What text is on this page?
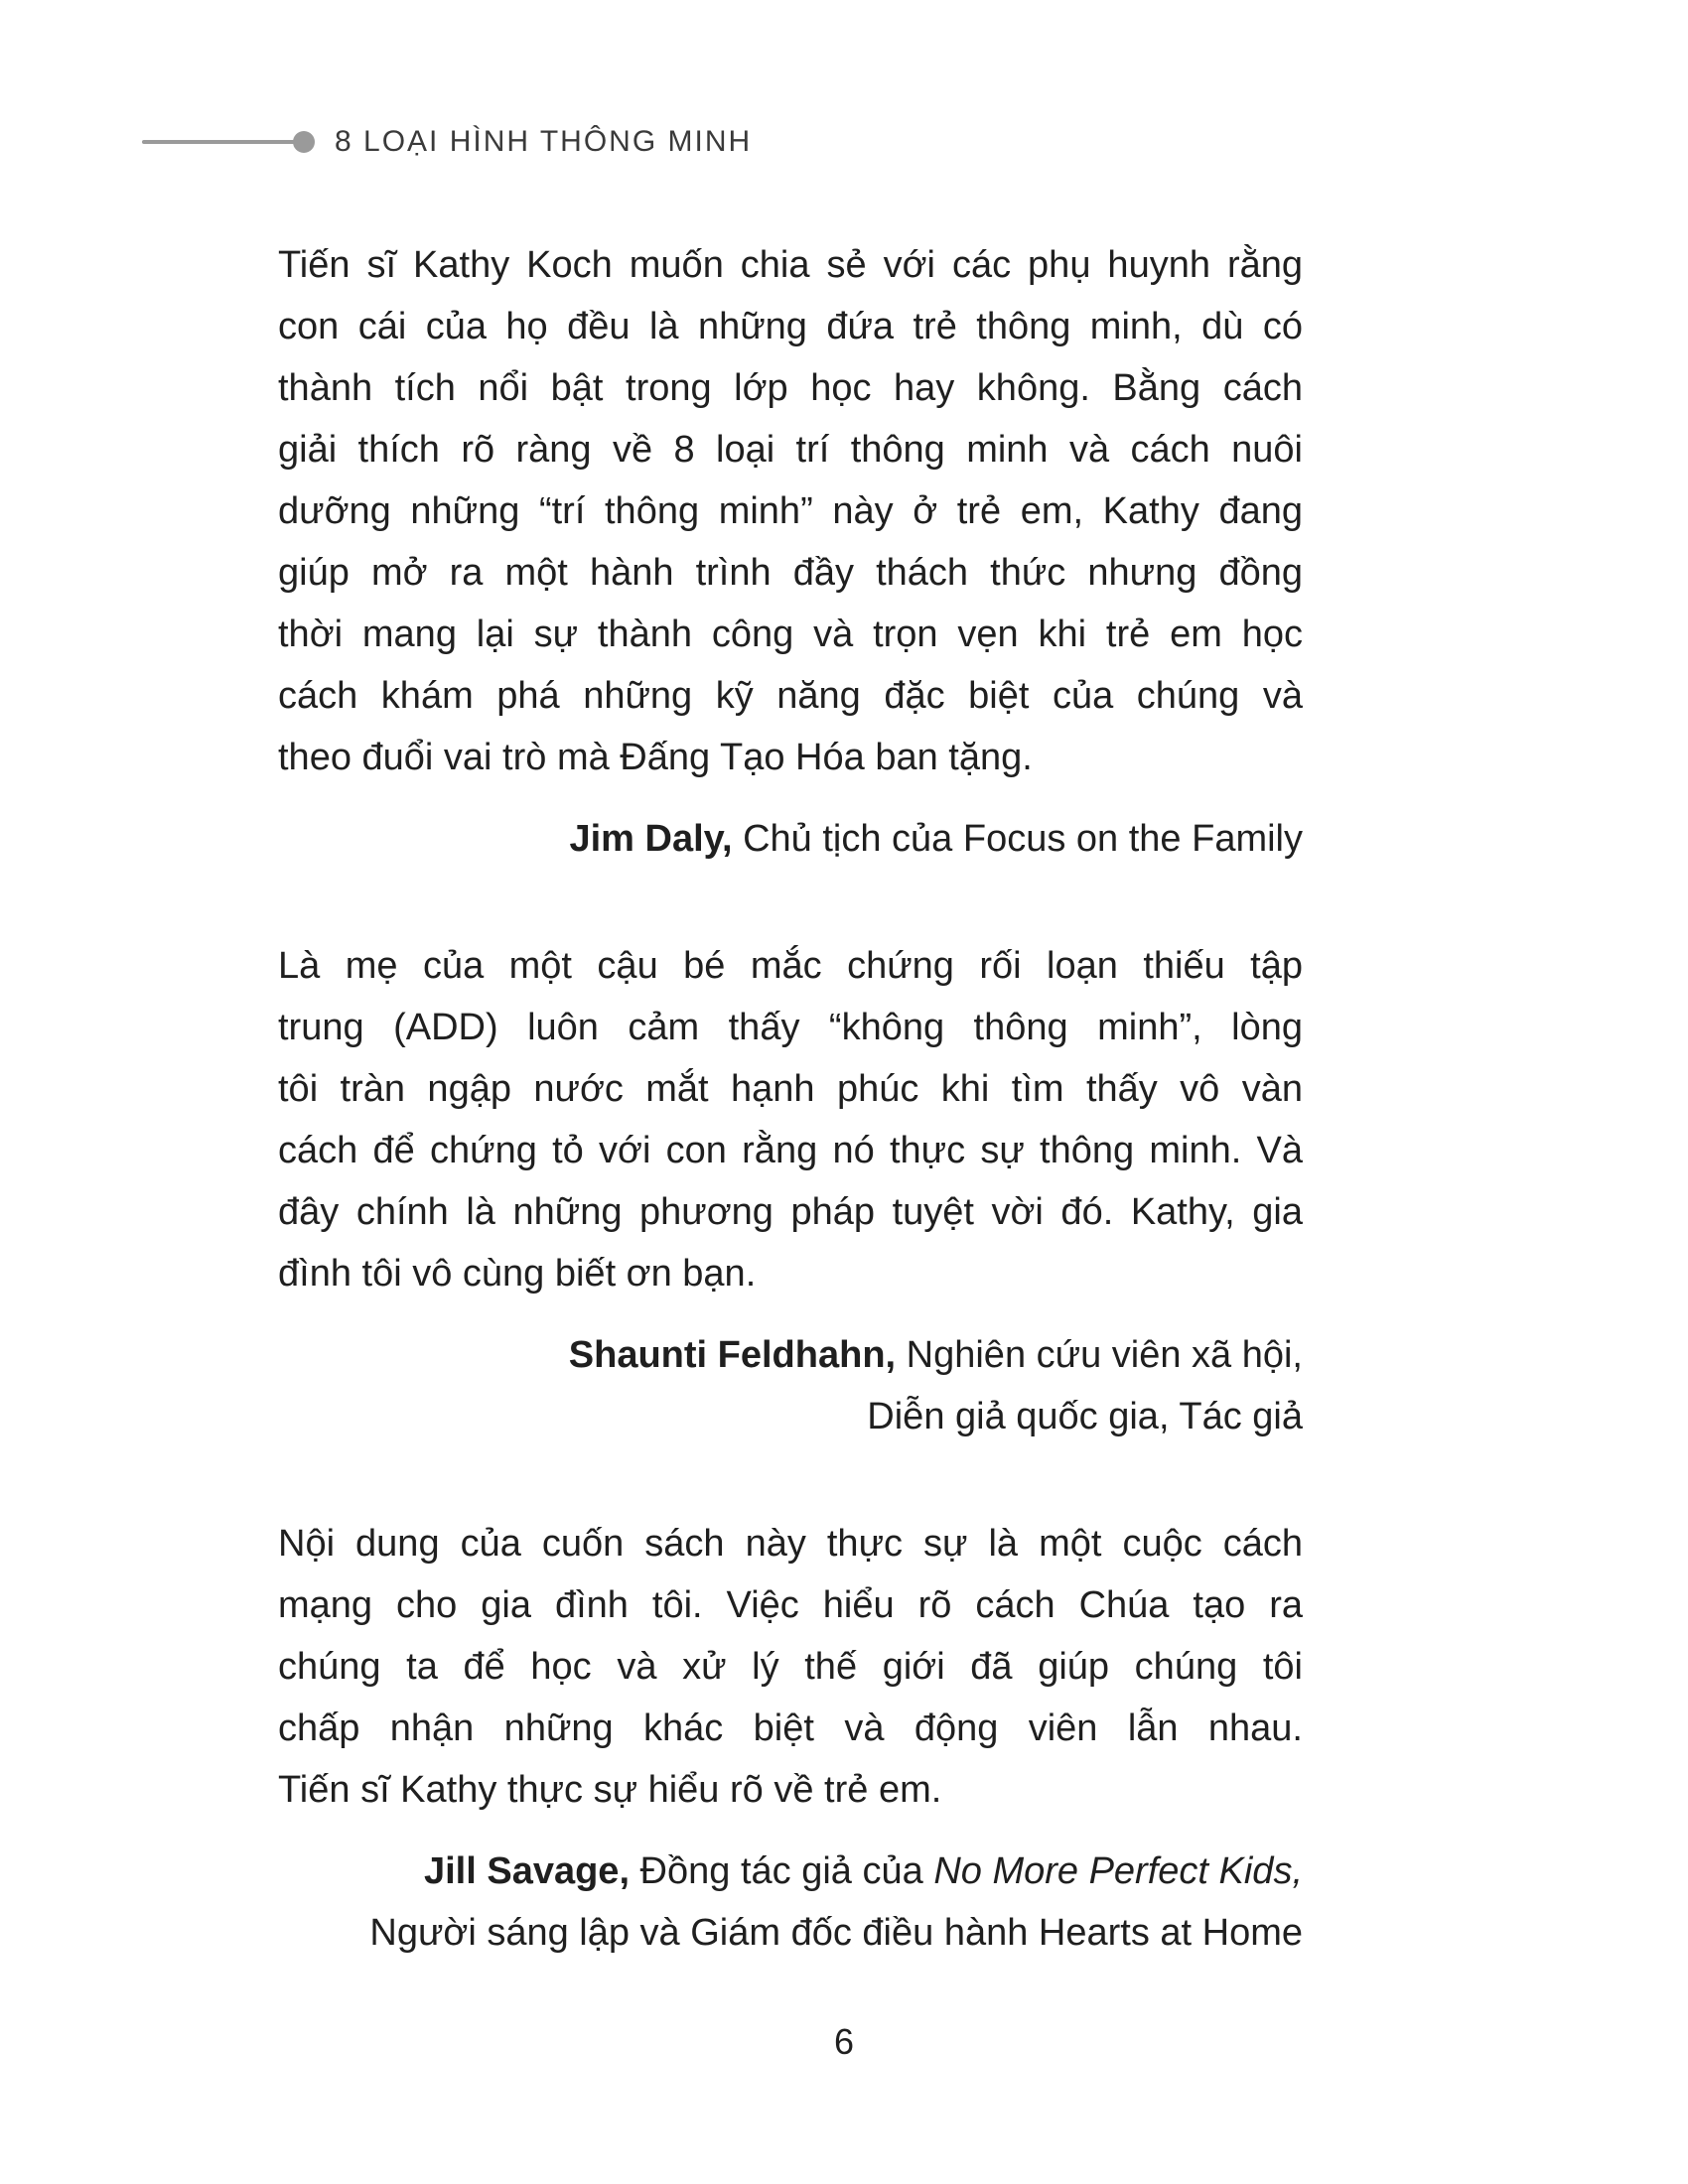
8 LOẠI HÌNH THÔNG MINH
Tiến sĩ Kathy Koch muốn chia sẻ với các phụ huynh rằng
con cái của họ đều là những đứa trẻ thông minh, dù có
thành tích nổi bật trong lớp học hay không. Bằng cách
giải thích rõ ràng về 8 loại trí thông minh và cách nuôi
dưỡng những “trí thông minh” này ở trẻ em, Kathy đang
giúp mở ra một hành trình đầy thách thức nhưng đồng
thời mang lại sự thành công và trọn vẹn khi trẻ em học
cách khám phá những kỹ năng đặc biệt của chúng và
theo đuổi vai trò mà Đấng Tạo Hóa ban tặng.
Jim Daly, Chủ tịch của Focus on the Family
Là mẹ của một cậu bé mắc chứng rối loạn thiếu tập
trung (ADD) luôn cảm thấy “không thông minh”, lòng
tôi tràn ngập nước mắt hạnh phúc khi tìm thấy vô vàn
cách để chứng tỏ với con rằng nó thực sự thông minh. Và
đây chính là những phương pháp tuyệt vời đó. Kathy, gia
đình tôi vô cùng biết ơn bạn.
Shaunti Feldhahn, Nghiên cứu viên xã hội,
Diễn giả quốc gia, Tác giả
Nội dung của cuốn sách này thực sự là một cuộc cách
mạng cho gia đình tôi. Việc hiểu rõ cách Chúa tạo ra
chúng ta để học và xử lý thế giới đã giúp chúng tôi
chấp nhận những khác biệt và động viên lẫn nhau.
Tiến sĩ Kathy thực sự hiểu rõ về trẻ em.
Jill Savage, Đồng tác giả của No More Perfect Kids,
Người sáng lập và Giám đốc điều hành Hearts at Home
6
